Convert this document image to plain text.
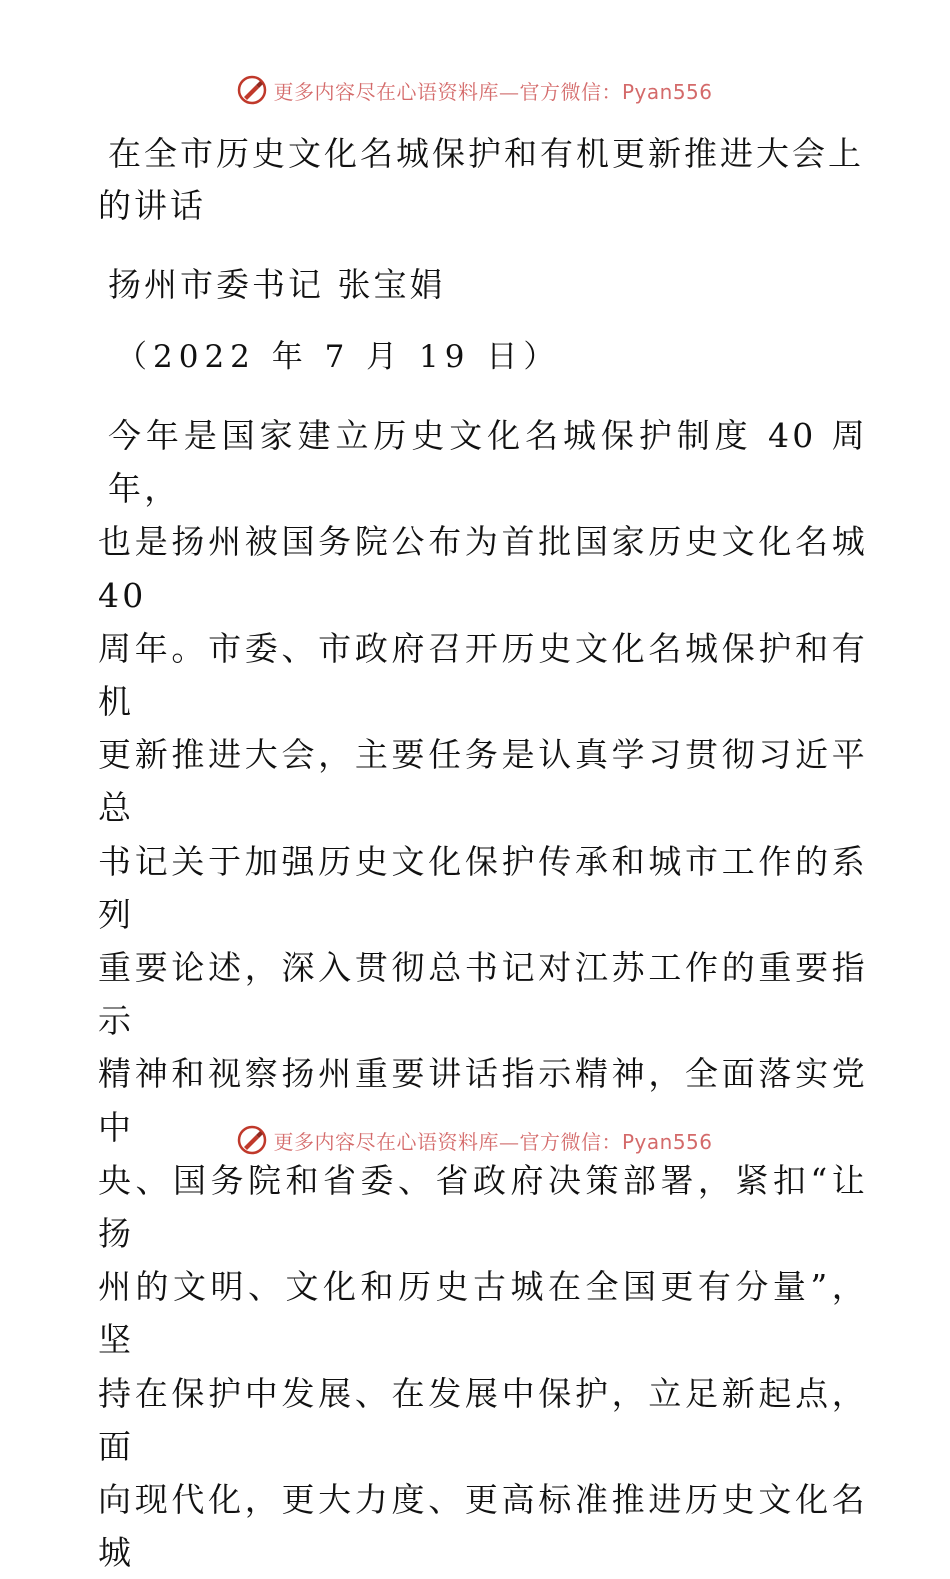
更多内容尽在心语资料库—官方微信：Pyan556
在全市历史文化名城保护和有机更新推进大会上
的讲话
扬州市委书记 张宝娟
（2022 年 7 月 19 日）
今年是国家建立历史文化名城保护制度 40 周年，
也是扬州被国务院公布为首批国家历史文化名城 40
周年。市委、市政府召开历史文化名城保护和有机
更新推进大会，主要任务是认真学习贯彻习近平总
书记关于加强历史文化保护传承和城市工作的系列
重要论述，深入贯彻总书记对江苏工作的重要指示
精神和视察扬州重要讲话指示精神，全面落实党中
央、国务院和省委、省政府决策部署，紧扣“让扬
州的文明、文化和历史古城在全国更有分量”，坚
持在保护中发展、在发展中保护，立足新起点，面
向现代化，更大力度、更高标准推进历史文化名城
更多内容尽在心语资料库—官方微信：Pyan556
